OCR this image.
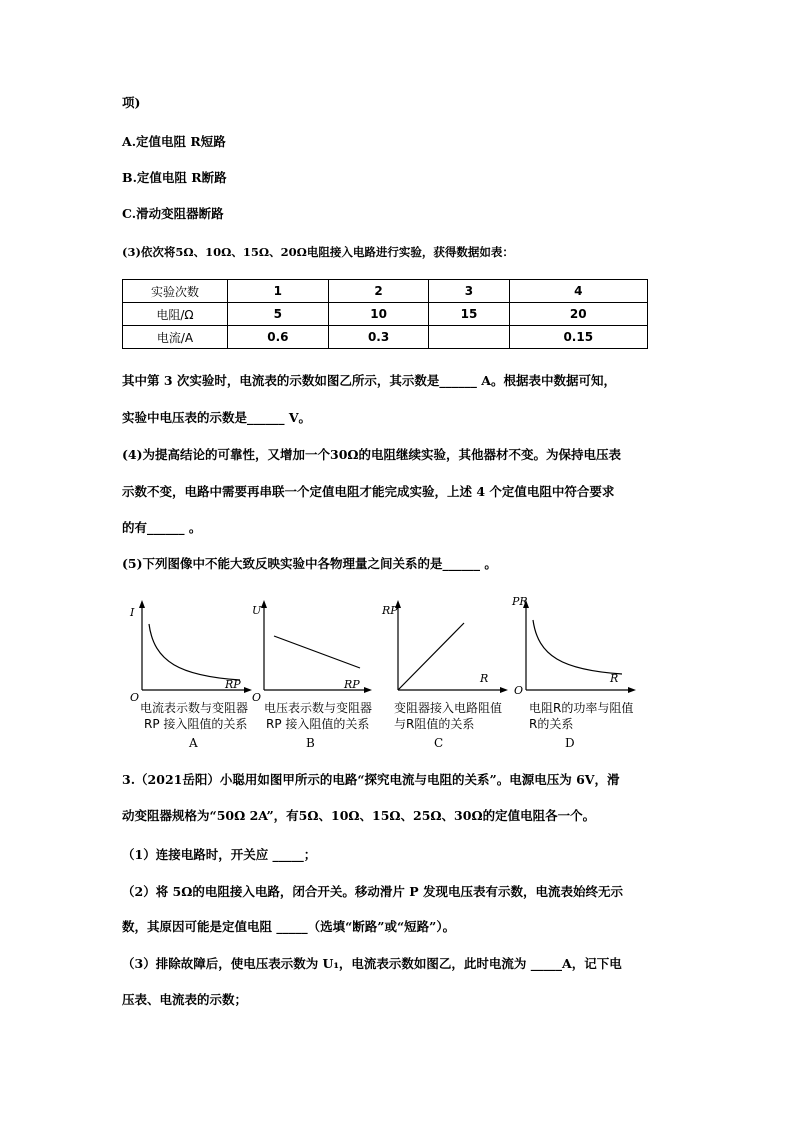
项)
A.定值电阻 R短路
B.定值电阻 R断路
C.滑动变阻器断路
(3)依次将5Ω、10Ω、15Ω、20Ω电阻接入电路进行实验，获得数据如表：
实验次数	1	2	3	4
电阻/Ω	5	10	15	20
电流/A	0.6	0.3		0.15
其中第 3 次实验时，电流表的示数如图乙所示，其示数是______ A。根据表中数据可知，
实验中电压表的示数是______ V。
(4)为提高结论的可靠性，又增加一个30Ω的电阻继续实验，其他器材不变。为保持电压表
示数不变，电路中需要再串联一个定值电阻才能完成实验，上述 4 个定值电阻中符合要求
的有______ 。
(5)下列图像中不能大致反映实验中各物理量之间关系的是______ 。
I
RP
O
电流表示数与变阻器
RP 接入阻值的关系
A
U
RP
O
电压表示数与变阻器
RP 接入阻值的关系
B
RP
R
变阻器接入电路阻值
与R阻值的关系
C
PR
R
O
电阻R的功率与阻值
R的关系
D
3.（2021岳阳）小聪用如图甲所示的电路“探究电流与电阻的关系”。电源电压为 6V，滑
动变阻器规格为“50Ω 2A”，有5Ω、10Ω、15Ω、25Ω、30Ω的定值电阻各一个。
（1）连接电路时，开关应 _____；
（2）将 5Ω的电阻接入电路，闭合开关。移动滑片 P 发现电压表有示数，电流表始终无示
数，其原因可能是定值电阻 _____（选填“断路”或“短路”）。
（3）排除故障后，使电压表示数为 U₁，电流表示数如图乙，此时电流为 _____A，记下电
压表、电流表的示数；
